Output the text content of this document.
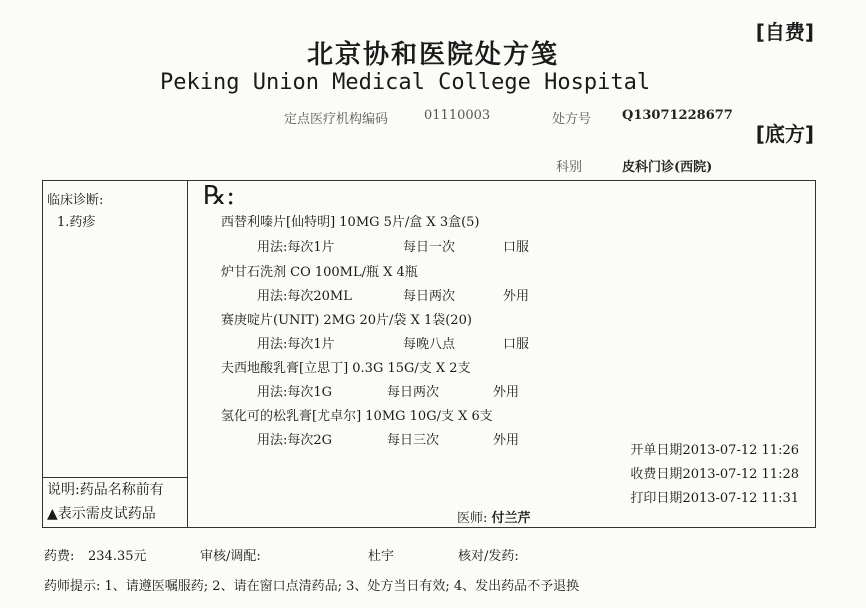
北京协和医院处方笺
Peking Union Medical College Hospital
[自费]
[底方]
定点医疗机构编码	01110003	处方号 Q13071228677
科别	皮科门诊(西院)
临床诊断:
1.药疹
说明:药品名称前有
▲表示需皮试药品
℞:
西替利嗪片[仙特明] 10MG 5片/盒 X 3盒(5)
用法:每次1片	每日一次	口服
炉甘石洗剂 CO 100ML/瓶 X 4瓶
用法:每次20ML	每日两次	外用
赛庚啶片(UNIT) 2MG 20片/袋 X 1袋(20)
用法:每次1片	每晚八点	口服
夫西地酸乳膏[立思丁] 0.3G 15G/支 X 2支
用法:每次1G	每日两次	外用
氢化可的松乳膏[尤卓尔] 10MG 10G/支 X 6支
用法:每次2G	每日三次	外用
开单日期2013-07-12 11:26
收费日期2013-07-12 11:28
打印日期2013-07-12 11:31
医师: 付兰芹
药费: 234.35元	审核/调配:	杜宇	核对/发药:
药师提示: 1、请遵医嘱服药; 2、请在窗口点清药品; 3、处方当日有效; 4、发出药品不予退换
